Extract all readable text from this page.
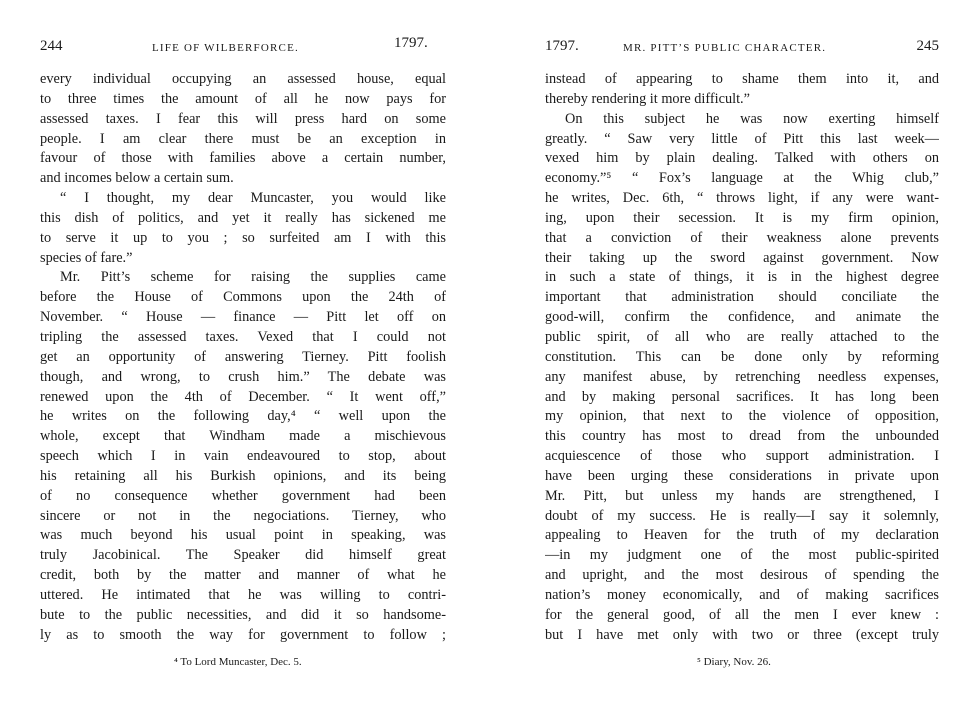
244	LIFE OF WILBERFORCE.	1797.
every individual occupying an assessed house, equal
to three times the amount of all he now pays for
assessed taxes. I fear this will press hard on some
people. I am clear there must be an exception in
favour of those with families above a certain number,
and incomes below a certain sum.
“ I thought, my dear Muncaster, you would like
this dish of politics, and yet it really has sickened me
to serve it up to you ; so surfeited am I with this
species of fare.”
Mr. Pitt’s scheme for raising the supplies came
before the House of Commons upon the 24th of
November. “ House — finance — Pitt let off on
tripling the assessed taxes. Vexed that I could not
get an opportunity of answering Tierney. Pitt foolish
though, and wrong, to crush him.” The debate was
renewed upon the 4th of December. “ It went off,”
he writes on the following day,⁴ “ well upon the
whole, except that Windham made a mischievous
speech which I in vain endeavoured to stop, about
his retaining all his Burkish opinions, and its being
of no consequence whether government had been
sincere or not in the negociations. Tierney, who
was much beyond his usual point in speaking, was
truly Jacobinical. The Speaker did himself great
credit, both by the matter and manner of what he
uttered. He intimated that he was willing to contri-
bute to the public necessities, and did it so handsome-
ly as to smooth the way for government to follow ;
⁴ To Lord Muncaster, Dec. 5.
1797.	MR. PITT’S PUBLIC CHARACTER.	245
instead of appearing to shame them into it, and
thereby rendering it more difficult.”
On this subject he was now exerting himself
greatly. “ Saw very little of Pitt this last week—
vexed him by plain dealing. Talked with others on
economy.”⁵ “ Fox’s language at the Whig club,”
he writes, Dec. 6th, “ throws light, if any were want-
ing, upon their secession. It is my firm opinion,
that a conviction of their weakness alone prevents
their taking up the sword against government. Now
in such a state of things, it is in the highest degree
important that administration should conciliate the
good-will, confirm the confidence, and animate the
public spirit, of all who are really attached to the
constitution. This can be done only by reforming
any manifest abuse, by retrenching needless expenses,
and by making personal sacrifices. It has long been
my opinion, that next to the violence of opposition,
this country has most to dread from the unbounded
acquiescence of those who support administration. I
have been urging these considerations in private upon
Mr. Pitt, but unless my hands are strengthened, I
doubt of my success. He is really—I say it solemnly,
appealing to Heaven for the truth of my declaration
—in my judgment one of the most public-spirited
and upright, and the most desirous of spending the
nation’s money economically, and of making sacrifices
for the general good, of all the men I ever knew :
but I have met only with two or three (except truly
⁵ Diary, Nov. 26.
